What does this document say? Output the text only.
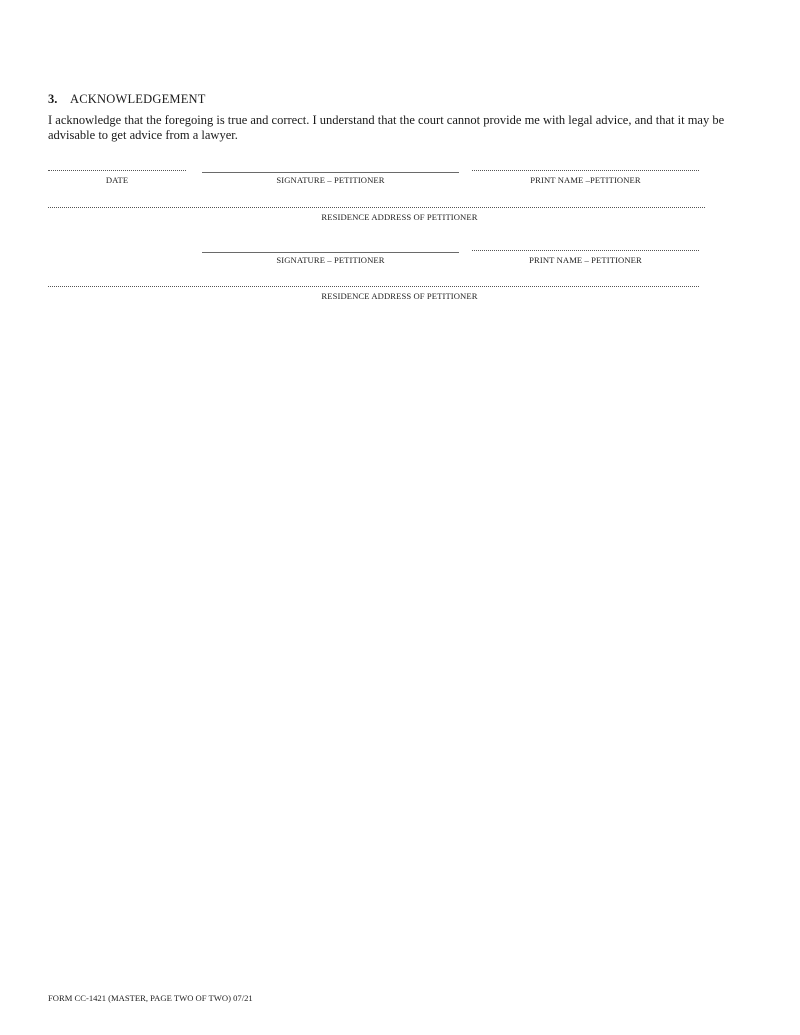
3. ACKNOWLEDGEMENT
I acknowledge that the foregoing is true and correct. I understand that the court cannot provide me with legal advice, and that it may be advisable to get advice from a lawyer.
DATE	SIGNATURE – PETITIONER	PRINT NAME –PETITIONER
RESIDENCE ADDRESS OF PETITIONER
SIGNATURE – PETITIONER	PRINT NAME – PETITIONER
RESIDENCE ADDRESS OF PETITIONER
FORM CC-1421 (MASTER, PAGE TWO OF TWO) 07/21
